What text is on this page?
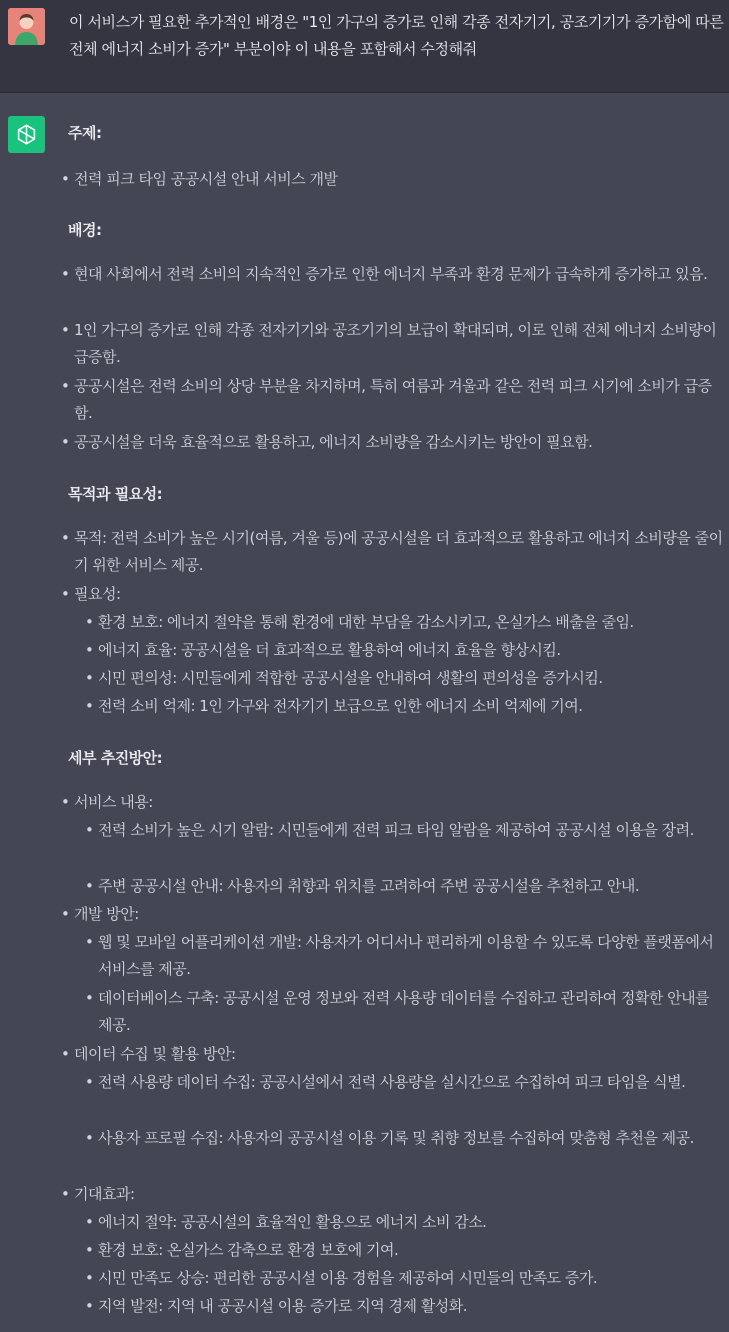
이 서비스가 필요한 추가적인 배경은 "1인 가구의 증가로 인해 각종 전자기기, 공조기기가 증가함에 따른 전체 에너지 소비가 증가" 부분이야 이 내용을 포함해서 수정해줘
주제:
• 전력 피크 타임 공공시설 안내 서비스 개발
배경:
• 현대 사회에서 전력 소비의 지속적인 증가로 인한 에너지 부족과 환경 문제가 급속하게 증가하고 있음.
• 1인 가구의 증가로 인해 각종 전자기기와 공조기기의 보급이 확대되며, 이로 인해 전체 에너지 소비량이 급증함.
• 공공시설은 전력 소비의 상당 부분을 차지하며, 특히 여름과 겨울과 같은 전력 피크 시기에 소비가 급증함.
• 공공시설을 더욱 효율적으로 활용하고, 에너지 소비량을 감소시키는 방안이 필요함.
목적과 필요성:
• 목적: 전력 소비가 높은 시기(여름, 겨울 등)에 공공시설을 더 효과적으로 활용하고 에너지 소비량을 줄이기 위한 서비스 제공.
• 필요성:
• 환경 보호: 에너지 절약을 통해 환경에 대한 부담을 감소시키고, 온실가스 배출을 줄임.
• 에너지 효율: 공공시설을 더 효과적으로 활용하여 에너지 효율을 향상시킴.
• 시민 편의성: 시민들에게 적합한 공공시설을 안내하여 생활의 편의성을 증가시킴.
• 전력 소비 억제: 1인 가구와 전자기기 보급으로 인한 에너지 소비 억제에 기여.
세부 추진방안:
• 서비스 내용:
• 전력 소비가 높은 시기 알람: 시민들에게 전력 피크 타임 알람을 제공하여 공공시설 이용을 장려.
• 주변 공공시설 안내: 사용자의 취향과 위치를 고려하여 주변 공공시설을 추천하고 안내.
• 개발 방안:
• 웹 및 모바일 어플리케이션 개발: 사용자가 어디서나 편리하게 이용할 수 있도록 다양한 플랫폼에서 서비스를 제공.
• 데이터베이스 구축: 공공시설 운영 정보와 전력 사용량 데이터를 수집하고 관리하여 정확한 안내를 제공.
• 데이터 수집 및 활용 방안:
• 전력 사용량 데이터 수집: 공공시설에서 전력 사용량을 실시간으로 수집하여 피크 타임을 식별.
• 사용자 프로필 수집: 사용자의 공공시설 이용 기록 및 취향 정보를 수집하여 맞춤형 추천을 제공.
• 기대효과:
• 에너지 절약: 공공시설의 효율적인 활용으로 에너지 소비 감소.
• 환경 보호: 온실가스 감축으로 환경 보호에 기여.
• 시민 만족도 상승: 편리한 공공시설 이용 경험을 제공하여 시민들의 만족도 증가.
• 지역 발전: 지역 내 공공시설 이용 증가로 지역 경제 활성화.
